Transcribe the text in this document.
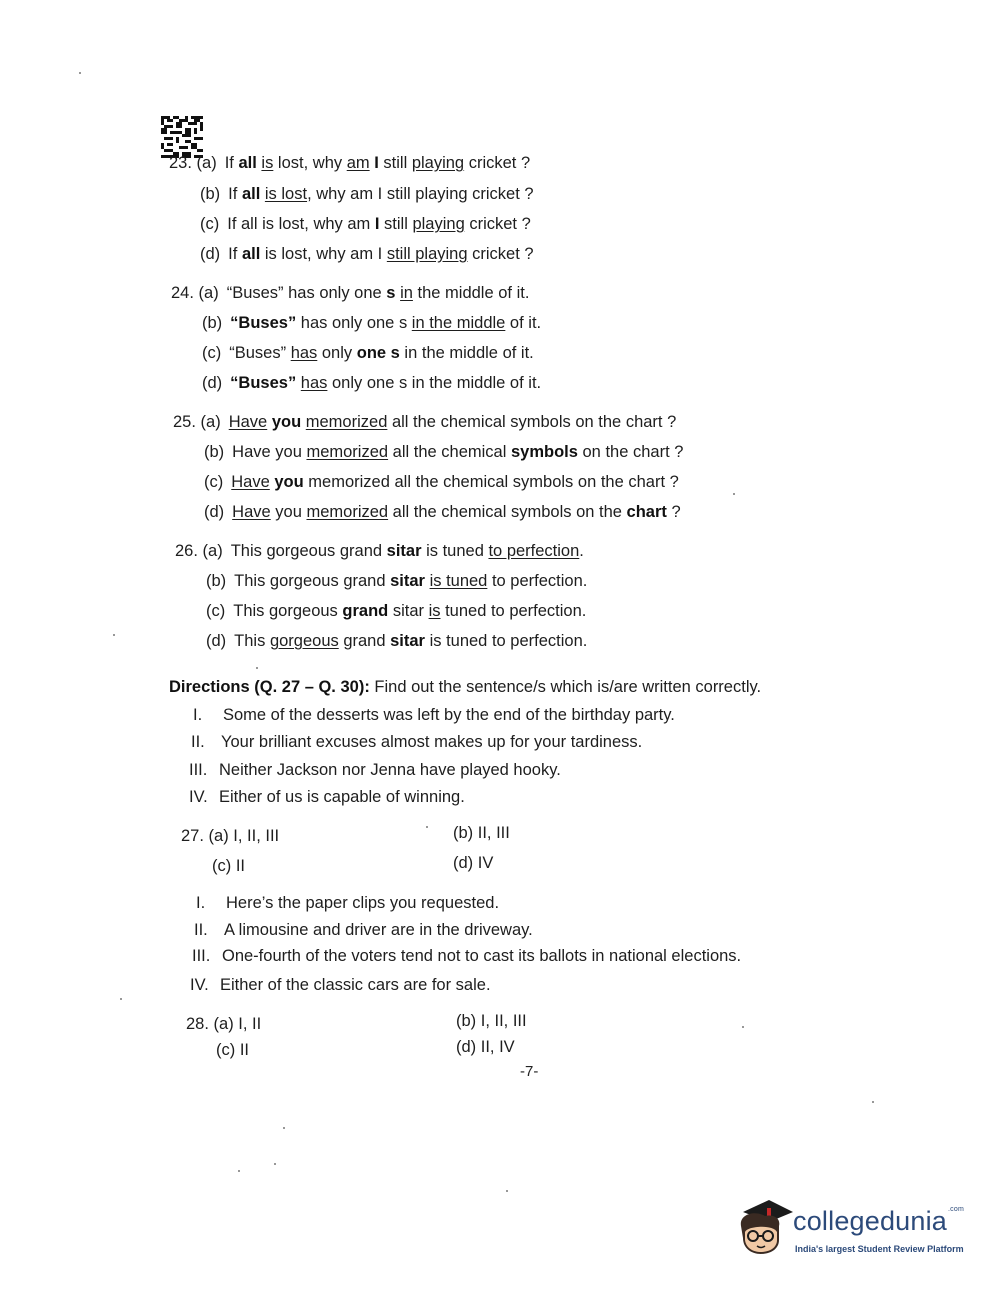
23. (a) If all is lost, why am I still playing cricket ?
(b) If all is lost, why am I still playing cricket ?
(c) If all is lost, why am I still playing cricket ?
(d) If all is lost, why am I still playing cricket ?
24. (a) “Buses” has only one s in the middle of it.
(b) “Buses” has only one s in the middle of it.
(c) “Buses” has only one s in the middle of it.
(d) “Buses” has only one s in the middle of it.
25. (a) Have you memorized all the chemical symbols on the chart ?
(b) Have you memorized all the chemical symbols on the chart ?
(c) Have you memorized all the chemical symbols on the chart ?
(d) Have you memorized all the chemical symbols on the chart ?
26. (a) This gorgeous grand sitar is tuned to perfection.
(b) This gorgeous grand sitar is tuned to perfection.
(c) This gorgeous grand sitar is tuned to perfection.
(d) This gorgeous grand sitar is tuned to perfection.
Directions (Q. 27 – Q. 30): Find out the sentence/s which is/are written correctly.
I. Some of the desserts was left by the end of the birthday party.
II. Your brilliant excuses almost makes up for your tardiness.
III. Neither Jackson nor Jenna have played hooky.
IV. Either of us is capable of winning.
27. (a) I, II, III	(b) II, III
(c) II	(d) IV
I. Here’s the paper clips you requested.
II. A limousine and driver are in the driveway.
III. One-fourth of the voters tend not to cast its ballots in national elections.
IV. Either of the classic cars are for sale.
28. (a) I, II	(b) I, II, III
(c) II	(d) II, IV
-7-
collegedunia$^{.com}$
India's largest Student Review Platform
